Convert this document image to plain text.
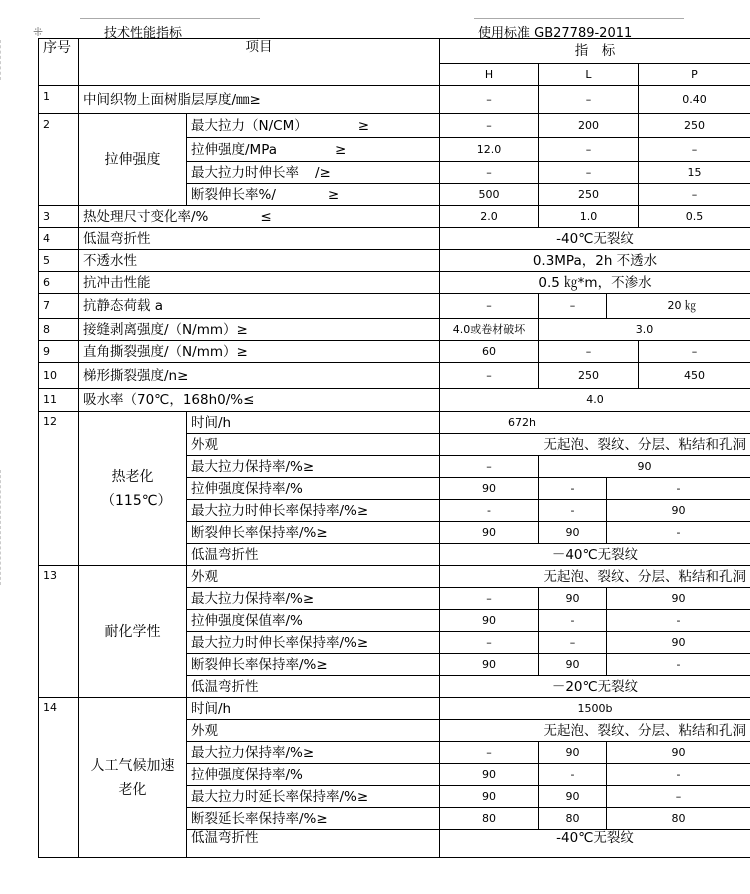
⁜	技术性能指标	使用标准 GB27789-2011
序号	项目		指　标			
			H	L		P
1	中间织物上面树脂层厚度/㎜≥		–	–		0.40
2	拉伸强度	最大拉力（N/CM） ≥	–	200		250
		拉伸强度/MPa ≥	12.0	–		–
		最大拉力时伸长率 /≥	–	–		15
		断裂伸长率%/ ≥	500	250		–
3	热处理尺寸变化率/% ≤		2.0	1.0		0.5
4	低温弯折性		-40℃无裂纹			
5	不透水性		0.3MPa，2h 不透水			
6	抗冲击性能		0.5 ㎏*m，不渗水			
7	抗静态荷载 a		–	–	20 ㎏	
8	接缝剥离强度/（N/mm）≥		4.0或卷材破坏	3.0		
9	直角撕裂强度/（N/mm）≥		60	–		–
10	梯形撕裂强度/n≥		–	250		450
11	吸水率（70℃，168h0/%≤		4.0			
12	热老化（115℃）	时间/h	672h			
		外观	无起泡、裂纹、分层、粘结和孔洞			
		最大拉力保持率/%≥	–	90		
		拉伸强度保持率/%	90	-	-	
		最大拉力时伸长率保持率/%≥	-	-	90	
		断裂伸长率保持率/%≥	90	90	-	
		低温弯折性	－40℃无裂纹			
13	耐化学性	外观	无起泡、裂纹、分层、粘结和孔洞			
		最大拉力保持率/%≥	–	90	90	
		拉伸强度保值率/%	90	-	-	
		最大拉力时伸长率保持率/%≥	–	–	90	
		断裂伸长率保持率/%≥	90	90	-	
		低温弯折性	－20℃无裂纹			
14	人工气候加速老化	时间/h	1500b			
		外观	无起泡、裂纹、分层、粘结和孔洞			
		最大拉力保持率/%≥	–	90	90	
		拉伸强度保持率/%	90	-	-	
		最大拉力时延长率保持率/%≥	90	90	–	
		断裂延长率保持率/%≥	80	80	80	
		低温弯折性	-40℃无裂纹			
